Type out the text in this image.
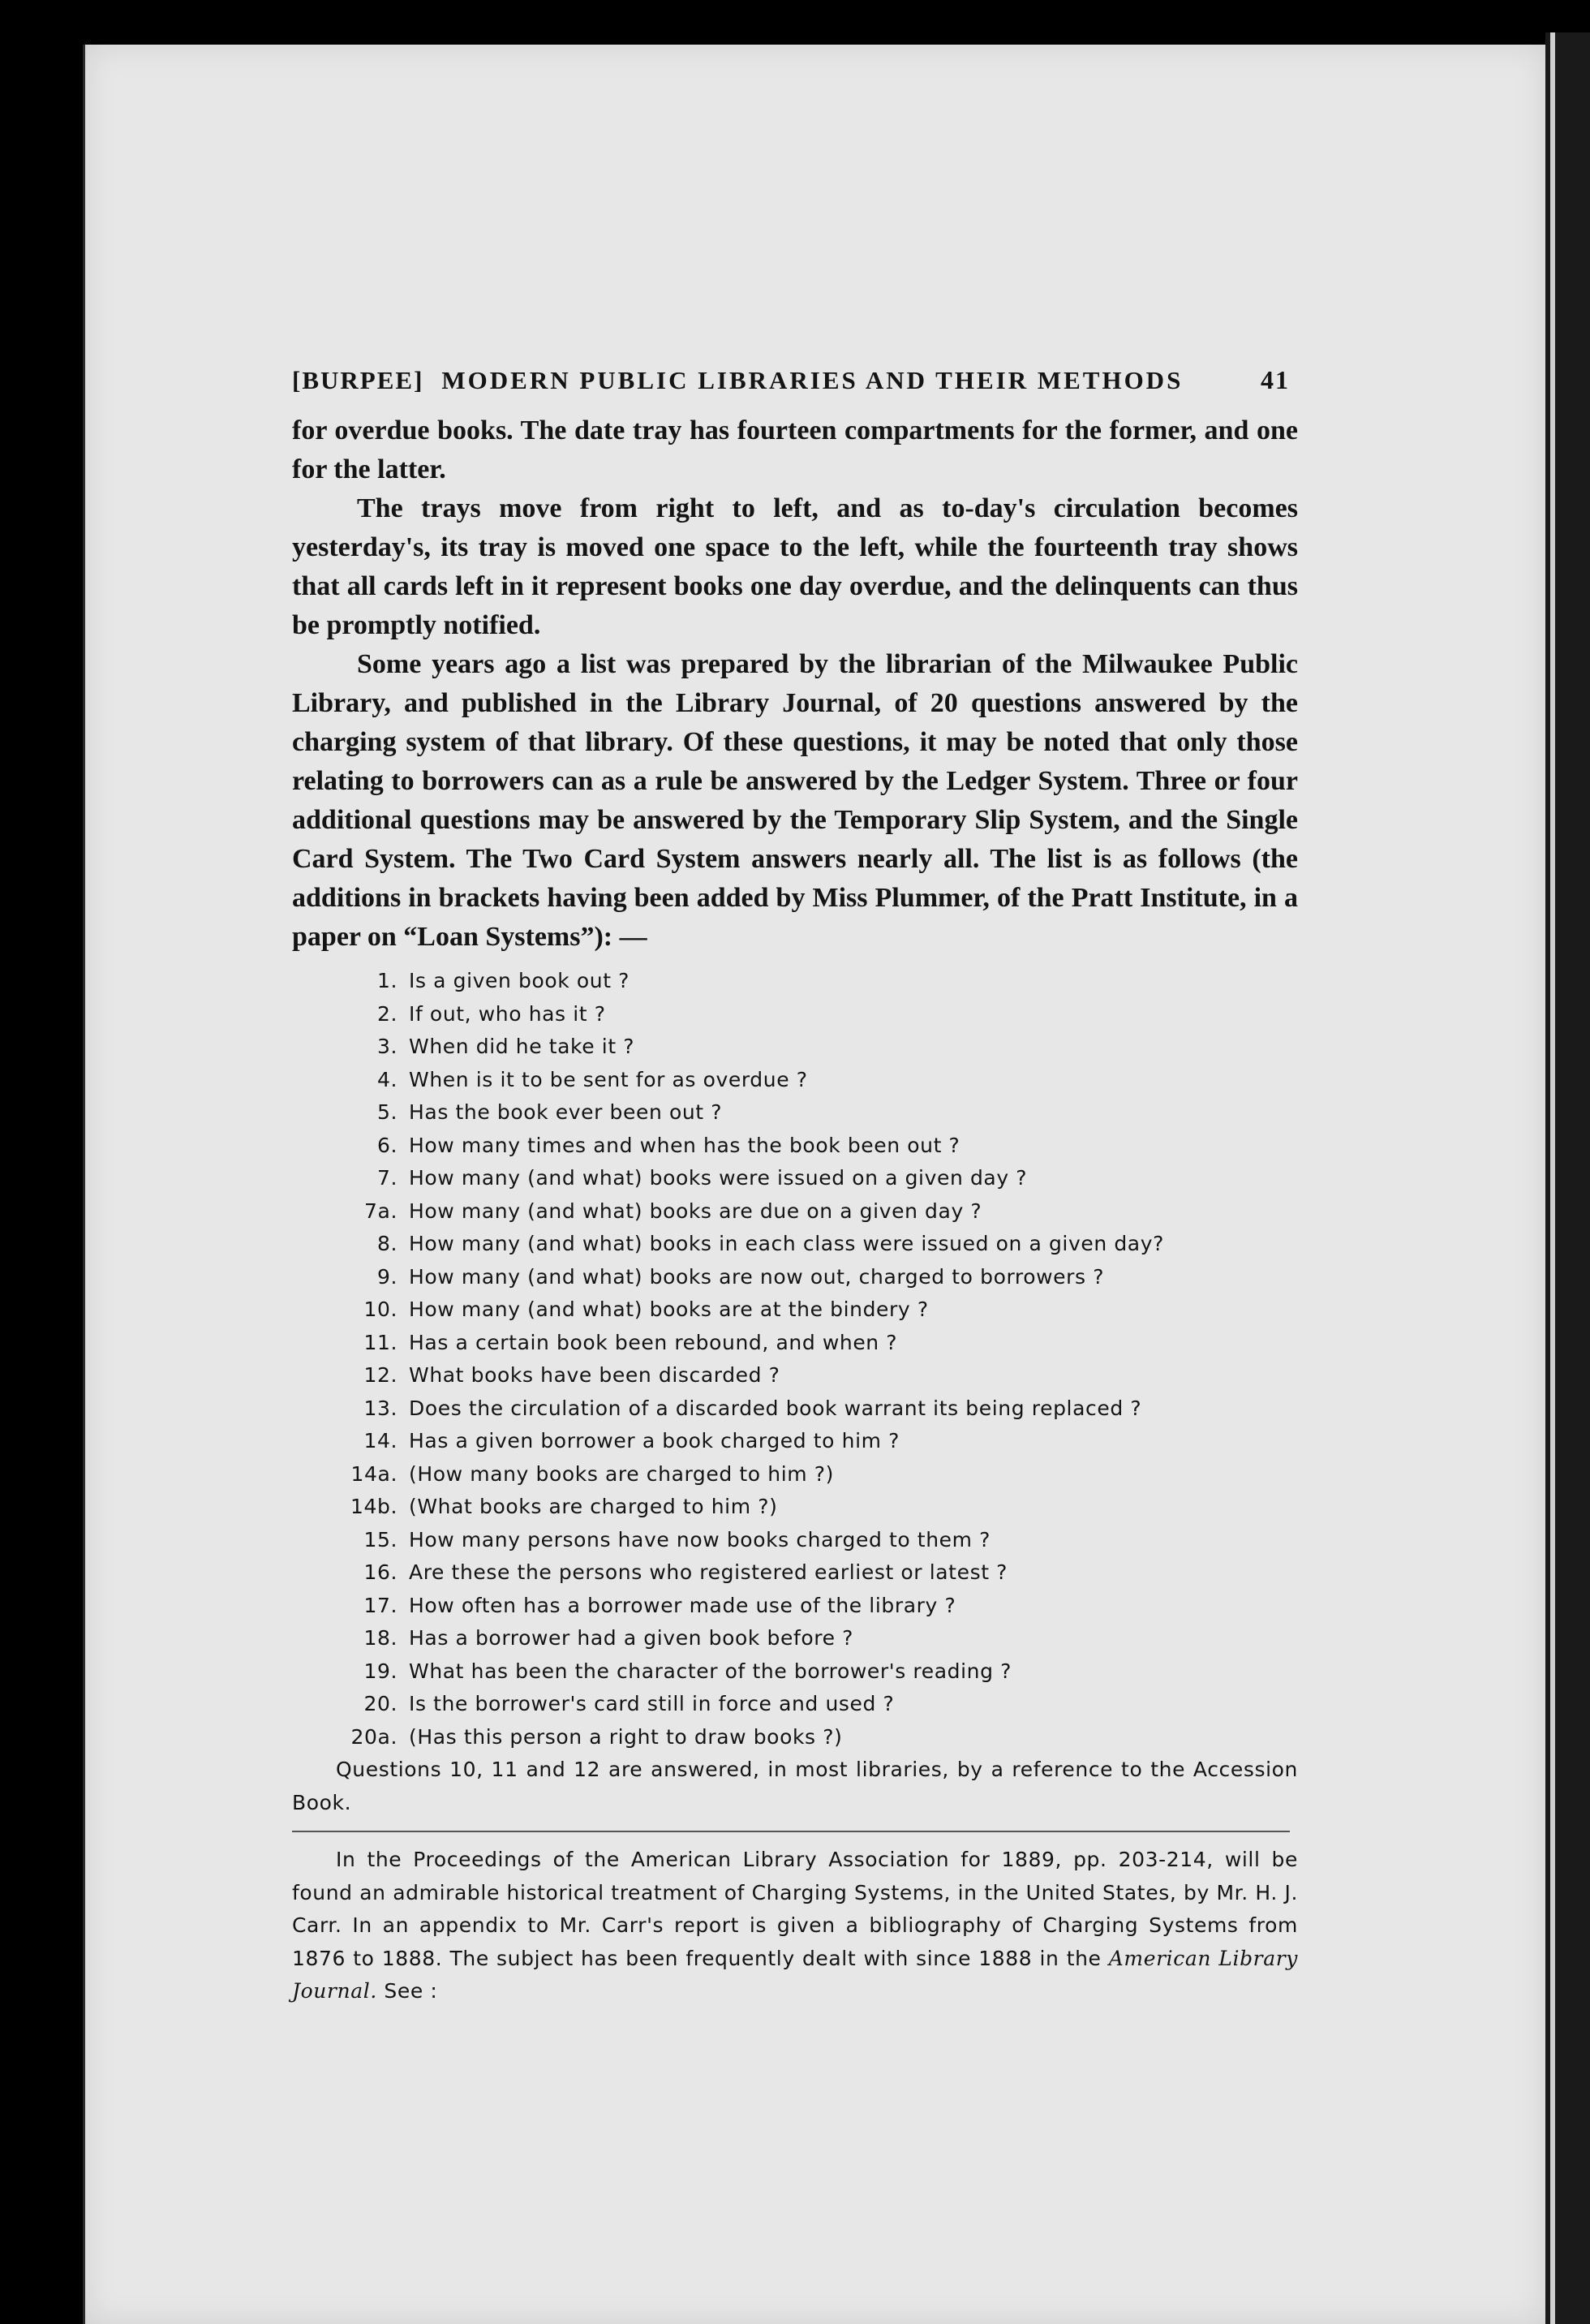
[BURPEE] MODERN PUBLIC LIBRARIES AND THEIR METHODS	41

for overdue books. The date tray has fourteen compartments for the former, and one for the latter.

The trays move from right to left, and as to-day's circulation becomes yesterday's, its tray is moved one space to the left, while the fourteenth tray shows that all cards left in it represent books one day overdue, and the delinquents can thus be promptly notified.

Some years ago a list was prepared by the librarian of the Milwaukee Public Library, and published in the Library Journal, of 20 questions answered by the charging system of that library. Of these questions, it may be noted that only those relating to borrowers can as a rule be answered by the Ledger System. Three or four additional questions may be answered by the Temporary Slip System, and the Single Card System. The Two Card System answers nearly all. The list is as follows (the additions in brackets having been added by Miss Plummer, of the Pratt Institute, in a paper on “Loan Systems”): —

1. Is a given book out ?
2. If out, who has it ?
3. When did he take it ?
4. When is it to be sent for as overdue ?
5. Has the book ever been out ?
6. How many times and when has the book been out ?
7. How many (and what) books were issued on a given day ?
7a. How many (and what) books are due on a given day ?
8. How many (and what) books in each class were issued on a given day?
9. How many (and what) books are now out, charged to borrowers ?
10. How many (and what) books are at the bindery ?
11. Has a certain book been rebound, and when ?
12. What books have been discarded ?
13. Does the circulation of a discarded book warrant its being replaced ?
14. Has a given borrower a book charged to him ?
14a. (How many books are charged to him ?)
14b. (What books are charged to him ?)
15. How many persons have now books charged to them ?
16. Are these the persons who registered earliest or latest ?
17. How often has a borrower made use of the library ?
18. Has a borrower had a given book before ?
19. What has been the character of the borrower's reading ?
20. Is the borrower's card still in force and used ?
20a. (Has this person a right to draw books ?)

Questions 10, 11 and 12 are answered, in most libraries, by a reference to the Accession Book.

In the Proceedings of the American Library Association for 1889, pp. 203-214, will be found an admirable historical treatment of Charging Systems, in the United States, by Mr. H. J. Carr. In an appendix to Mr. Carr's report is given a bibliography of Charging Systems from 1876 to 1888. The subject has been frequently dealt with since 1888 in the American Library Journal. See :
